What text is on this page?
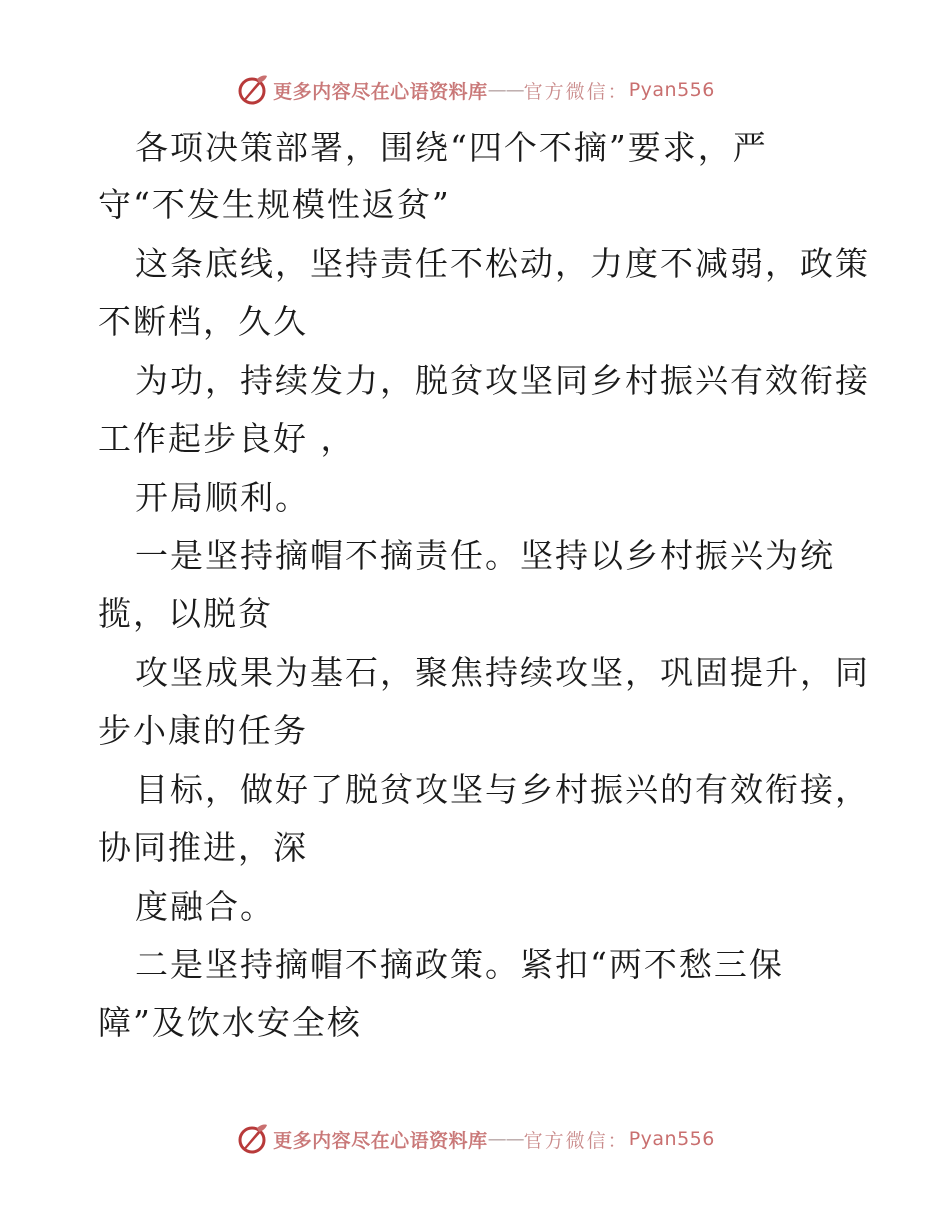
更多内容尽在心语资料库 —— 官方微信： Pyan556
各项决策部署，围绕“四个不摘”要求，严
守“不发生规模性返贫”
这条底线，坚持责任不松动，力度不减弱，政策
不断档，久久
为功，持续发力，脱贫攻坚同乡村振兴有效衔接
工作起步良好 ，
开局顺利。
一是坚持摘帽不摘责任。坚持以乡村振兴为统
揽，以脱贫
攻坚成果为基石，聚焦持续攻坚，巩固提升，同
步小康的任务
目标，做好了脱贫攻坚与乡村振兴的有效衔接，
协同推进，深
度融合。
二是坚持摘帽不摘政策。紧扣“两不愁三保
障”及饮水安全核
更多内容尽在心语资料库 —— 官方微信： Pyan556
